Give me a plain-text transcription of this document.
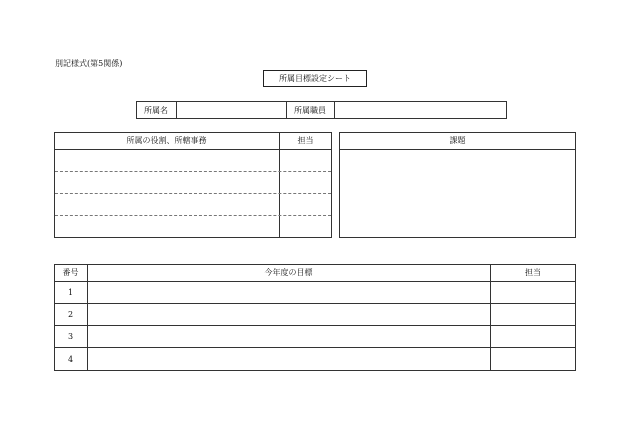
別記様式(第5関係)
所属目標設定シート
所属名	所属職員
所属の役割、所轄事務	担当	課題
番号	今年度の目標	担当
1
2
3
4
